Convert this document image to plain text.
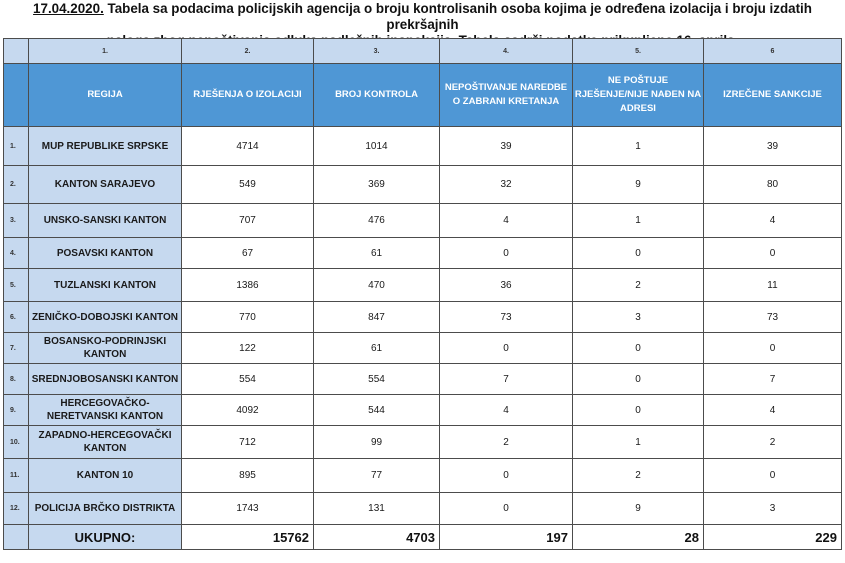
17.04.2020. Tabela sa podacima policijskih agencija o broju kontrolisanih osoba kojima je određena izolacija i broju izdatih prekršajnih
	1.	2.	3.	4.	5.	6
	REGIJA	RJEŠENJA O IZOLACIJI	BROJ KONTROLA	NEPOŠTIVANJE NAREDBE O ZABRANI KRETANJA	NE POŠTUJE RJEŠENJE/NIJE NAĐEN NA ADRESI	IZREČENE SANKCIJE
1.	MUP REPUBLIKE SRPSKE	4714	1014	39	1	39
2.	KANTON SARAJEVO	549	369	32	9	80
3.	UNSKO-SANSKI KANTON	707	476	4	1	4
4.	POSAVSKI KANTON	67	61	0	0	0
5.	TUZLANSKI KANTON	1386	470	36	2	11
6.	ZENIČKO-DOBOJSKI KANTON	770	847	73	3	73
7.	BOSANSKO-PODRINJSKI KANTON	122	61	0	0	0
8.	SREDNJOBOSANSKI KANTON	554	554	7	0	7
9.	HERCEGOVAČKO-NERETVANSKI KANTON	4092	544	4	0	4
10.	ZAPADNO-HERCEGOVAČKI KANTON	712	99	2	1	2
11.	KANTON 10	895	77	0	2	0
12.	POLICIJA BRČKO DISTRIKTA	1743	131	0	9	3
	UKUPNO:	15762	4703	197	28	229
